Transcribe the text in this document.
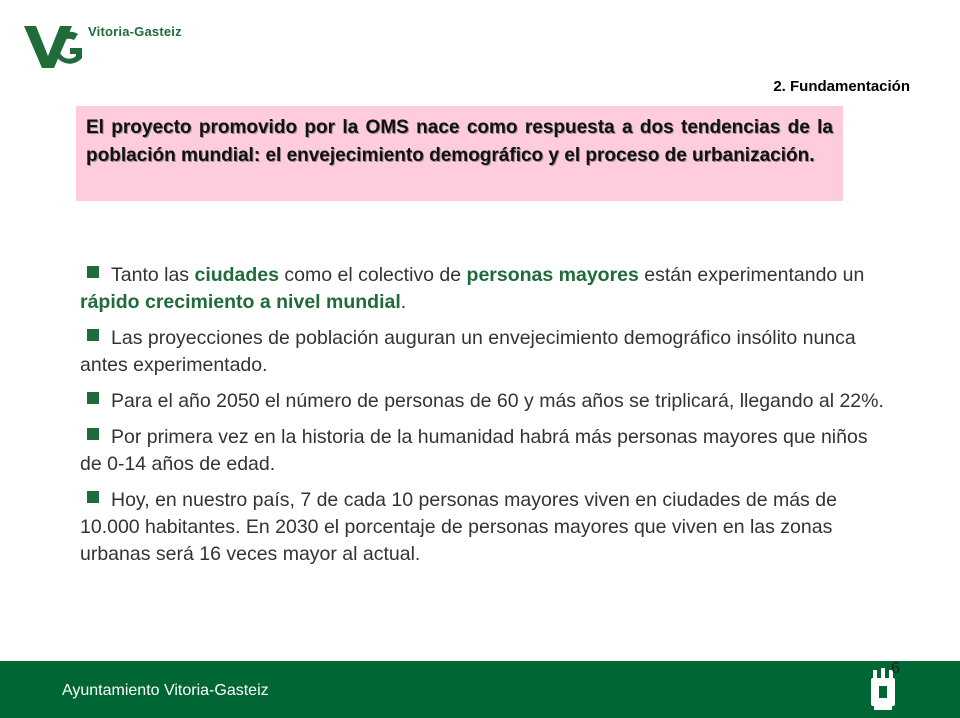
Vitoria-Gasteiz
2. Fundamentación

El proyecto promovido por la OMS nace como respuesta a dos tendencias de la población mundial: el envejecimiento demográfico y el proceso de urbanización.

Tanto las ciudades como el colectivo de personas mayores están experimentando un rápido crecimiento a nivel mundial.
Las proyecciones de población auguran un envejecimiento demográfico insólito nunca antes experimentado.
Para el año 2050 el número de personas de 60 y más años se triplicará, llegando al 22%.
Por primera vez en la historia de la humanidad habrá más personas mayores que niños de 0-14 años de edad.
Hoy, en nuestro país, 7 de cada 10 personas mayores viven en ciudades de más de 10.000 habitantes. En 2030 el porcentaje de personas mayores que viven en las zonas urbanas será 16 veces mayor al actual.
Ayuntamiento Vitoria-Gasteiz
6
